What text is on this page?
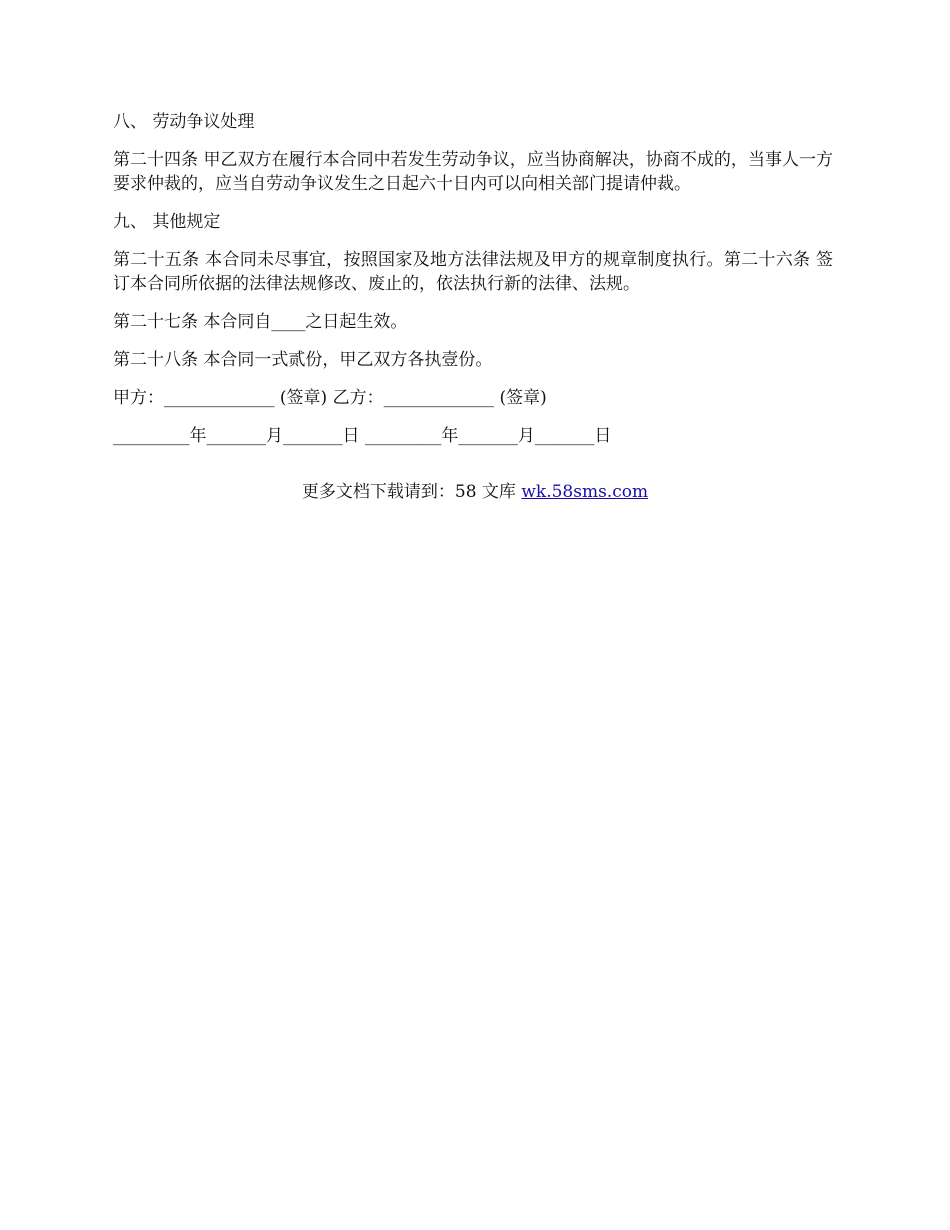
八、 劳动争议处理

第二十四条 甲乙双方在履行本合同中若发生劳动争议，应当协商解决，协商不成的，当事人一方要求仲裁的，应当自劳动争议发生之日起六十日内可以向相关部门提请仲裁。

九、 其他规定

第二十五条 本合同未尽事宜，按照国家及地方法律法规及甲方的规章制度执行。第二十六条 签订本合同所依据的法律法规修改、废止的，依法执行新的法律、法规。

第二十七条 本合同自____之日起生效。

第二十八条 本合同一式贰份，甲乙双方各执壹份。

甲方：_____________ (签章) 乙方：_____________ (签章)

_________年_______月_______日 _________年_______月_______日

更多文档下载请到：58 文库 wk.58sms.com
